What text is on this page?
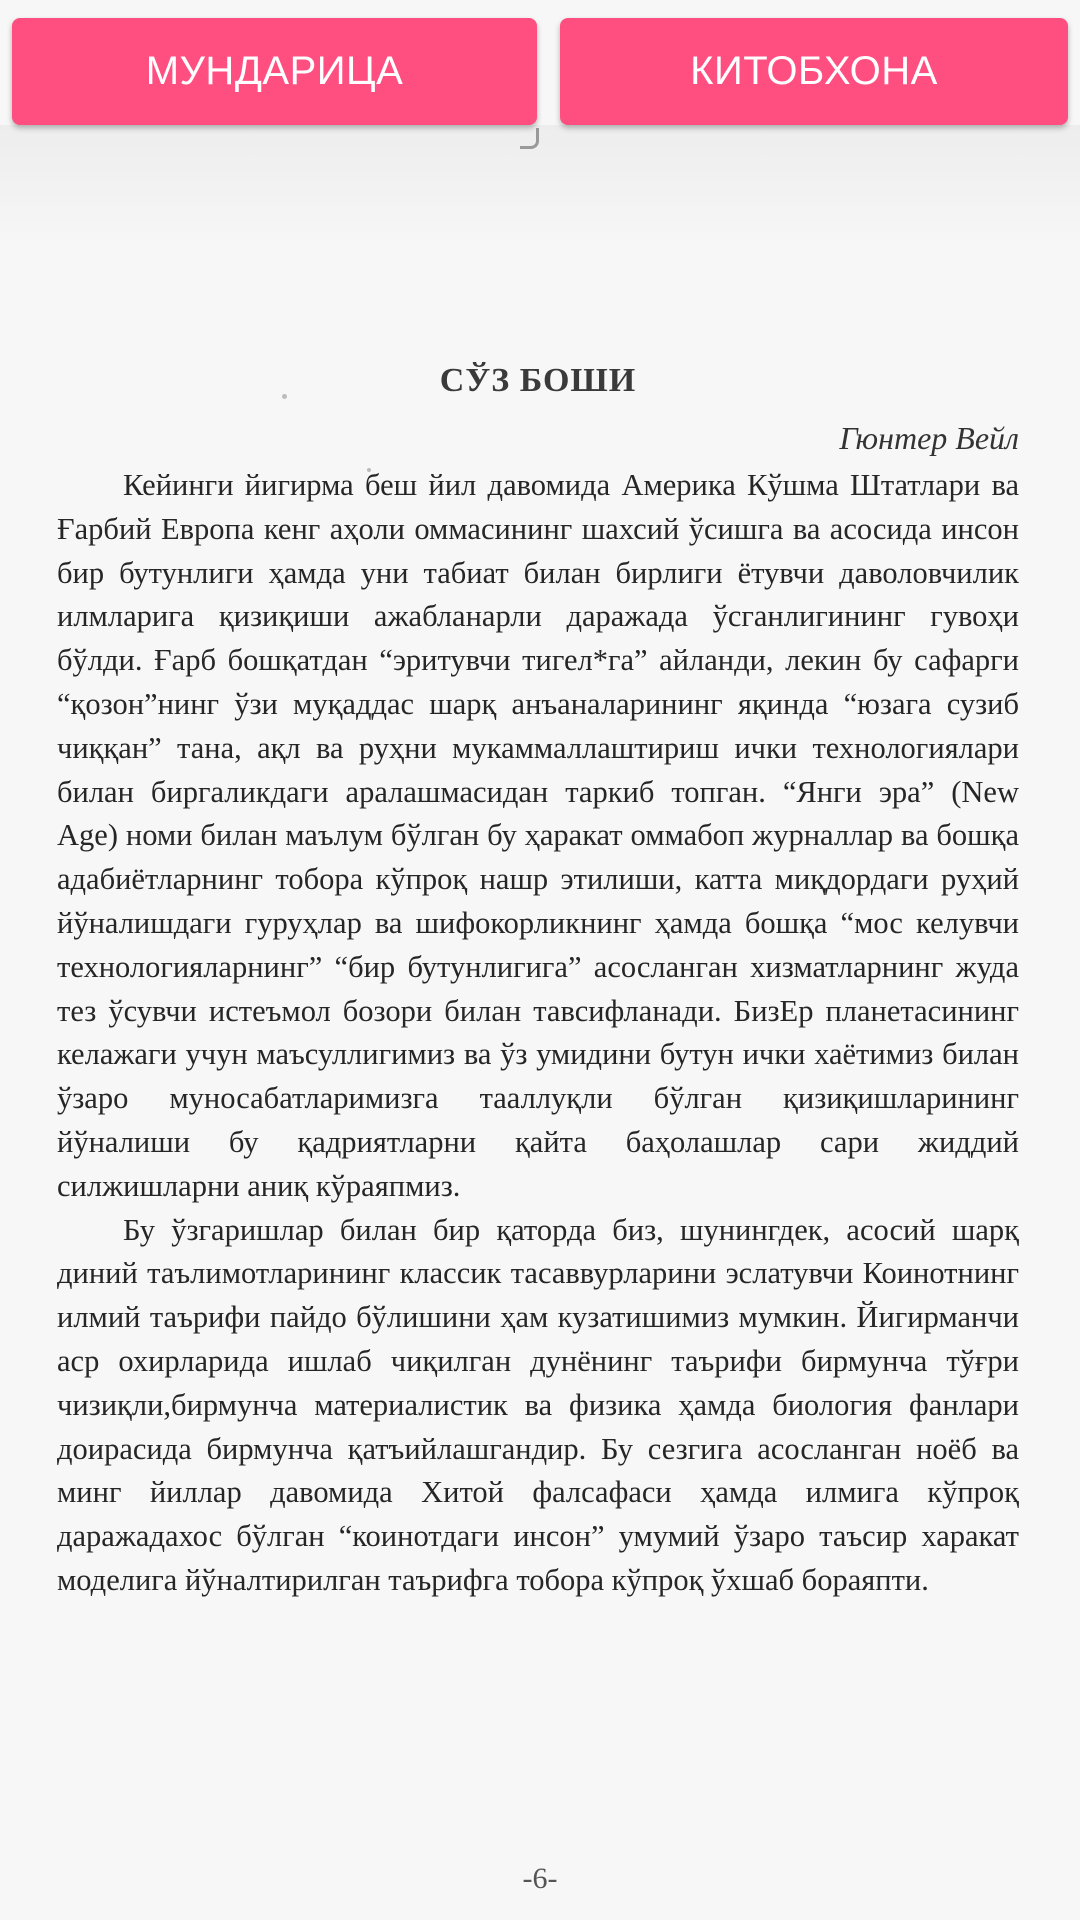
СЎЗ БОШИ
Гюнтер Вейл

Кейинги йигирма беш йил давомида Америка Кўшма Штатлари ва Ғарбий Европа кенг аҳоли оммасининг шахсий ўсишга ва асосида инсон бир бутунлиги ҳамда уни табиат билан бирлиги ётувчи даволовчилик илмларига қизиқиши ажабланарли даражада ўсганлигининг гувоҳи бўлди. Ғарб бошқатдан “эритувчи тигел*га” айланди, лекин бу сафарги “қозон”нинг ўзи муқаддас шарқ анъаналарининг яқинда “юзага сузиб чиққан” тана, ақл ва руҳни мукаммаллаштириш ички технологиялари билан биргаликдаги аралашмасидан таркиб топган. “Янги эра” (New Age) номи билан маълум бўлган бу ҳаракат оммабоп журналлар ва бошқа адабиётларнинг тобора кўпроқ нашр этилиши, катта миқдордаги руҳий йўналишдаги гуруҳлар ва шифокорликнинг ҳамда бошқа “мос келувчи технологияларнинг” “бир бутунлигига” асосланган хизматларнинг жуда тез ўсувчи истеъмол бозори билан тавсифланади. БизЕр планетасининг келажаги учун маъсуллигимиз ва ўз умидини бутун ички хаётимиз билан ўзаро муносабатларимизга тааллуқли бўлган қизиқишларининг йўналиши бу қадриятларни қайта баҳолашлар сари жиддий силжишларни аниқ кўраяпмиз.

Бу ўзгаришлар билан бир қаторда биз, шунингдек, асосий шарқ диний таълимотларининг классик тасаввурларини эслатувчи Коинотнинг илмий таърифи пайдо бўлишини ҳам кузатишимиз мумкин. Йигирманчи аср охирларида ишлаб чиқилган дунёнинг таърифи бирмунча тўғри чизиқли,бирмунча материалистик ва физика ҳамда биология фанлари доирасида бирмунча қатъийлашгандир. Бу сезгига асосланган ноёб ва минг йиллар давомида Хитой фалсафаси ҳамда илмига кўпроқ даражадахос бўлган “коинотдаги инсон” умумий ўзаро таъсир харакат моделига йўналтирилган таърифга тобора кўпроқ ўхшаб бораяпти.

-6-
МУНДАРИЦА	КИТОБХОНА
